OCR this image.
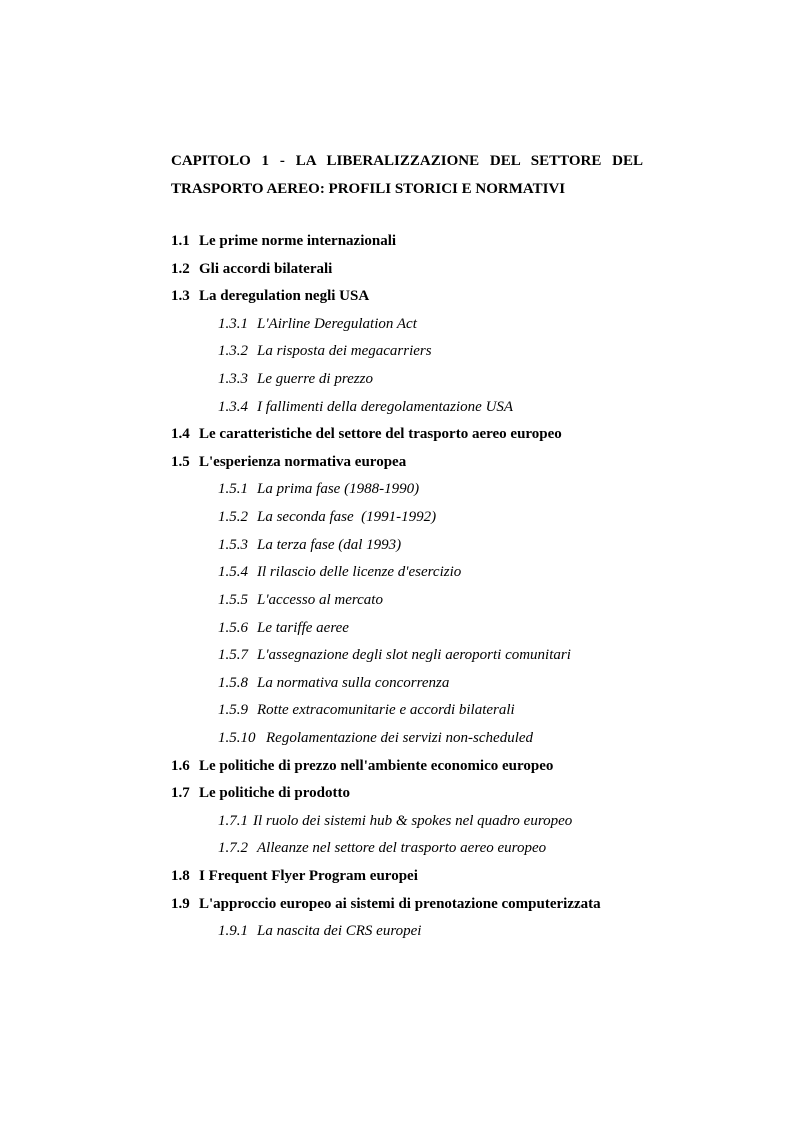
CAPITOLO 1 - LA LIBERALIZZAZIONE DEL SETTORE DEL
TRASPORTO AEREO: PROFILI STORICI E NORMATIVI
1.1 Le prime norme internazionali
1.2 Gli accordi bilaterali
1.3 La deregulation negli USA
1.3.1 L'Airline Deregulation Act
1.3.2 La risposta dei megacarriers
1.3.3 Le guerre di prezzo
1.3.4 I fallimenti della deregolamentazione USA
1.4 Le caratteristiche del settore del trasporto aereo europeo
1.5 L'esperienza normativa europea
1.5.1 La prima fase (1988-1990)
1.5.2 La seconda fase  (1991-1992)
1.5.3 La terza fase (dal 1993)
1.5.4 Il rilascio delle licenze d'esercizio
1.5.5 L'accesso al mercato
1.5.6 Le tariffe aeree
1.5.7 L'assegnazione degli slot negli aeroporti comunitari
1.5.8 La normativa sulla concorrenza
1.5.9 Rotte extracomunitarie e accordi bilaterali
1.5.10 Regolamentazione dei servizi non-scheduled
1.6 Le politiche di prezzo nell'ambiente economico europeo
1.7 Le politiche di prodotto
1.7.1 Il ruolo dei sistemi hub & spokes nel quadro europeo
1.7.2 Alleanze nel settore del trasporto aereo europeo
1.8 I Frequent Flyer Program europei
1.9 L'approccio europeo ai sistemi di prenotazione computerizzata
1.9.1 La nascita dei CRS europei
